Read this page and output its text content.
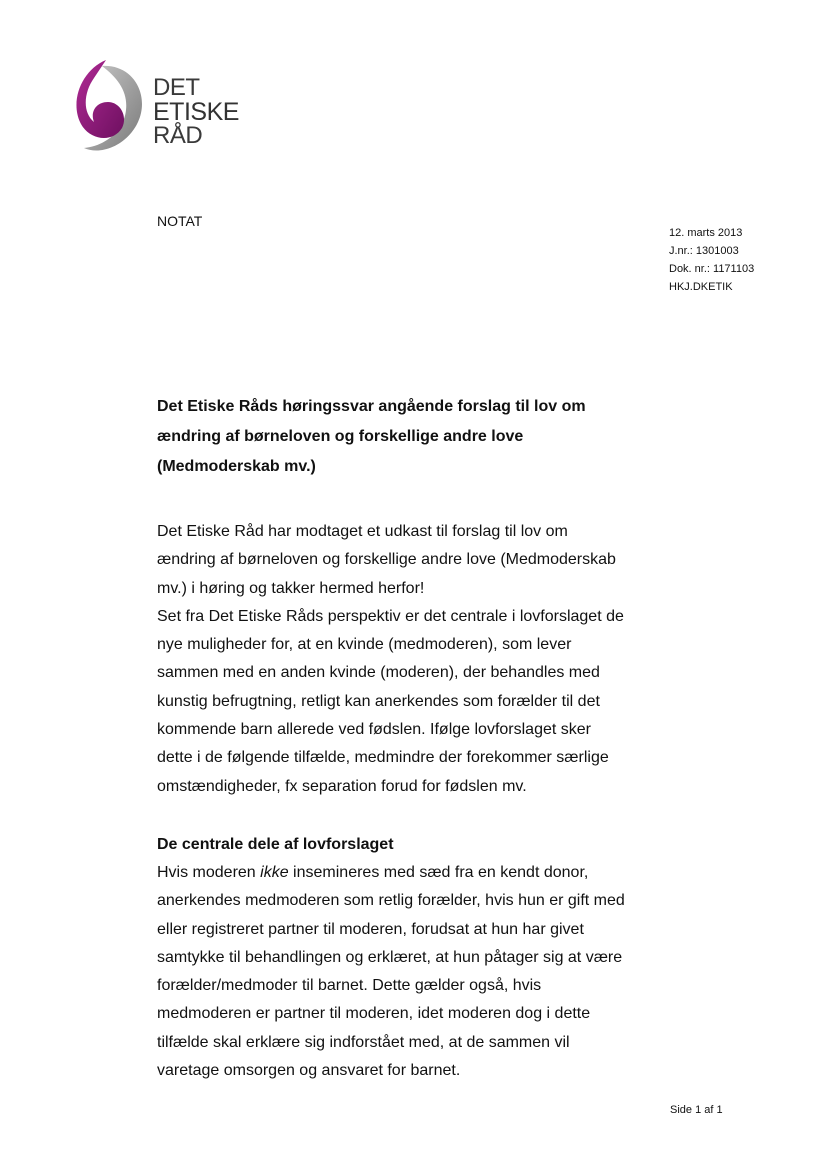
DET
ETISKE
RÅD
NOTAT
12. marts 2013
J.nr.: 1301003
Dok. nr.: 1171103
HKJ.DKETIK
Det Etiske Råds høringssvar angående forslag til lov om
ændring af børneloven og forskellige andre love
(Medmoderskab mv.)

Det Etiske Råd har modtaget et udkast til forslag til lov om
ændring af børneloven og forskellige andre love (Medmoderskab
mv.) i høring og takker hermed herfor!

Set fra Det Etiske Råds perspektiv er det centrale i lovforslaget de
nye muligheder for, at en kvinde (medmoderen), som lever
sammen med en anden kvinde (moderen), der behandles med
kunstig befrugtning, retligt kan anerkendes som forælder til det
kommende barn allerede ved fødslen. Ifølge lovforslaget sker
dette i de følgende tilfælde, medmindre der forekommer særlige
omstændigheder, fx separation forud for fødslen mv.

De centrale dele af lovforslaget

Hvis moderen ikke insemineres med sæd fra en kendt donor,
anerkendes medmoderen som retlig forælder, hvis hun er gift med
eller registreret partner til moderen, forudsat at hun har givet
samtykke til behandlingen og erklæret, at hun påtager sig at være
forælder/medmoder til barnet. Dette gælder også, hvis
medmoderen er partner til moderen, idet moderen dog i dette
tilfælde skal erklære sig indforstået med, at de sammen vil
varetage omsorgen og ansvaret for barnet.

Side 1 af 1
